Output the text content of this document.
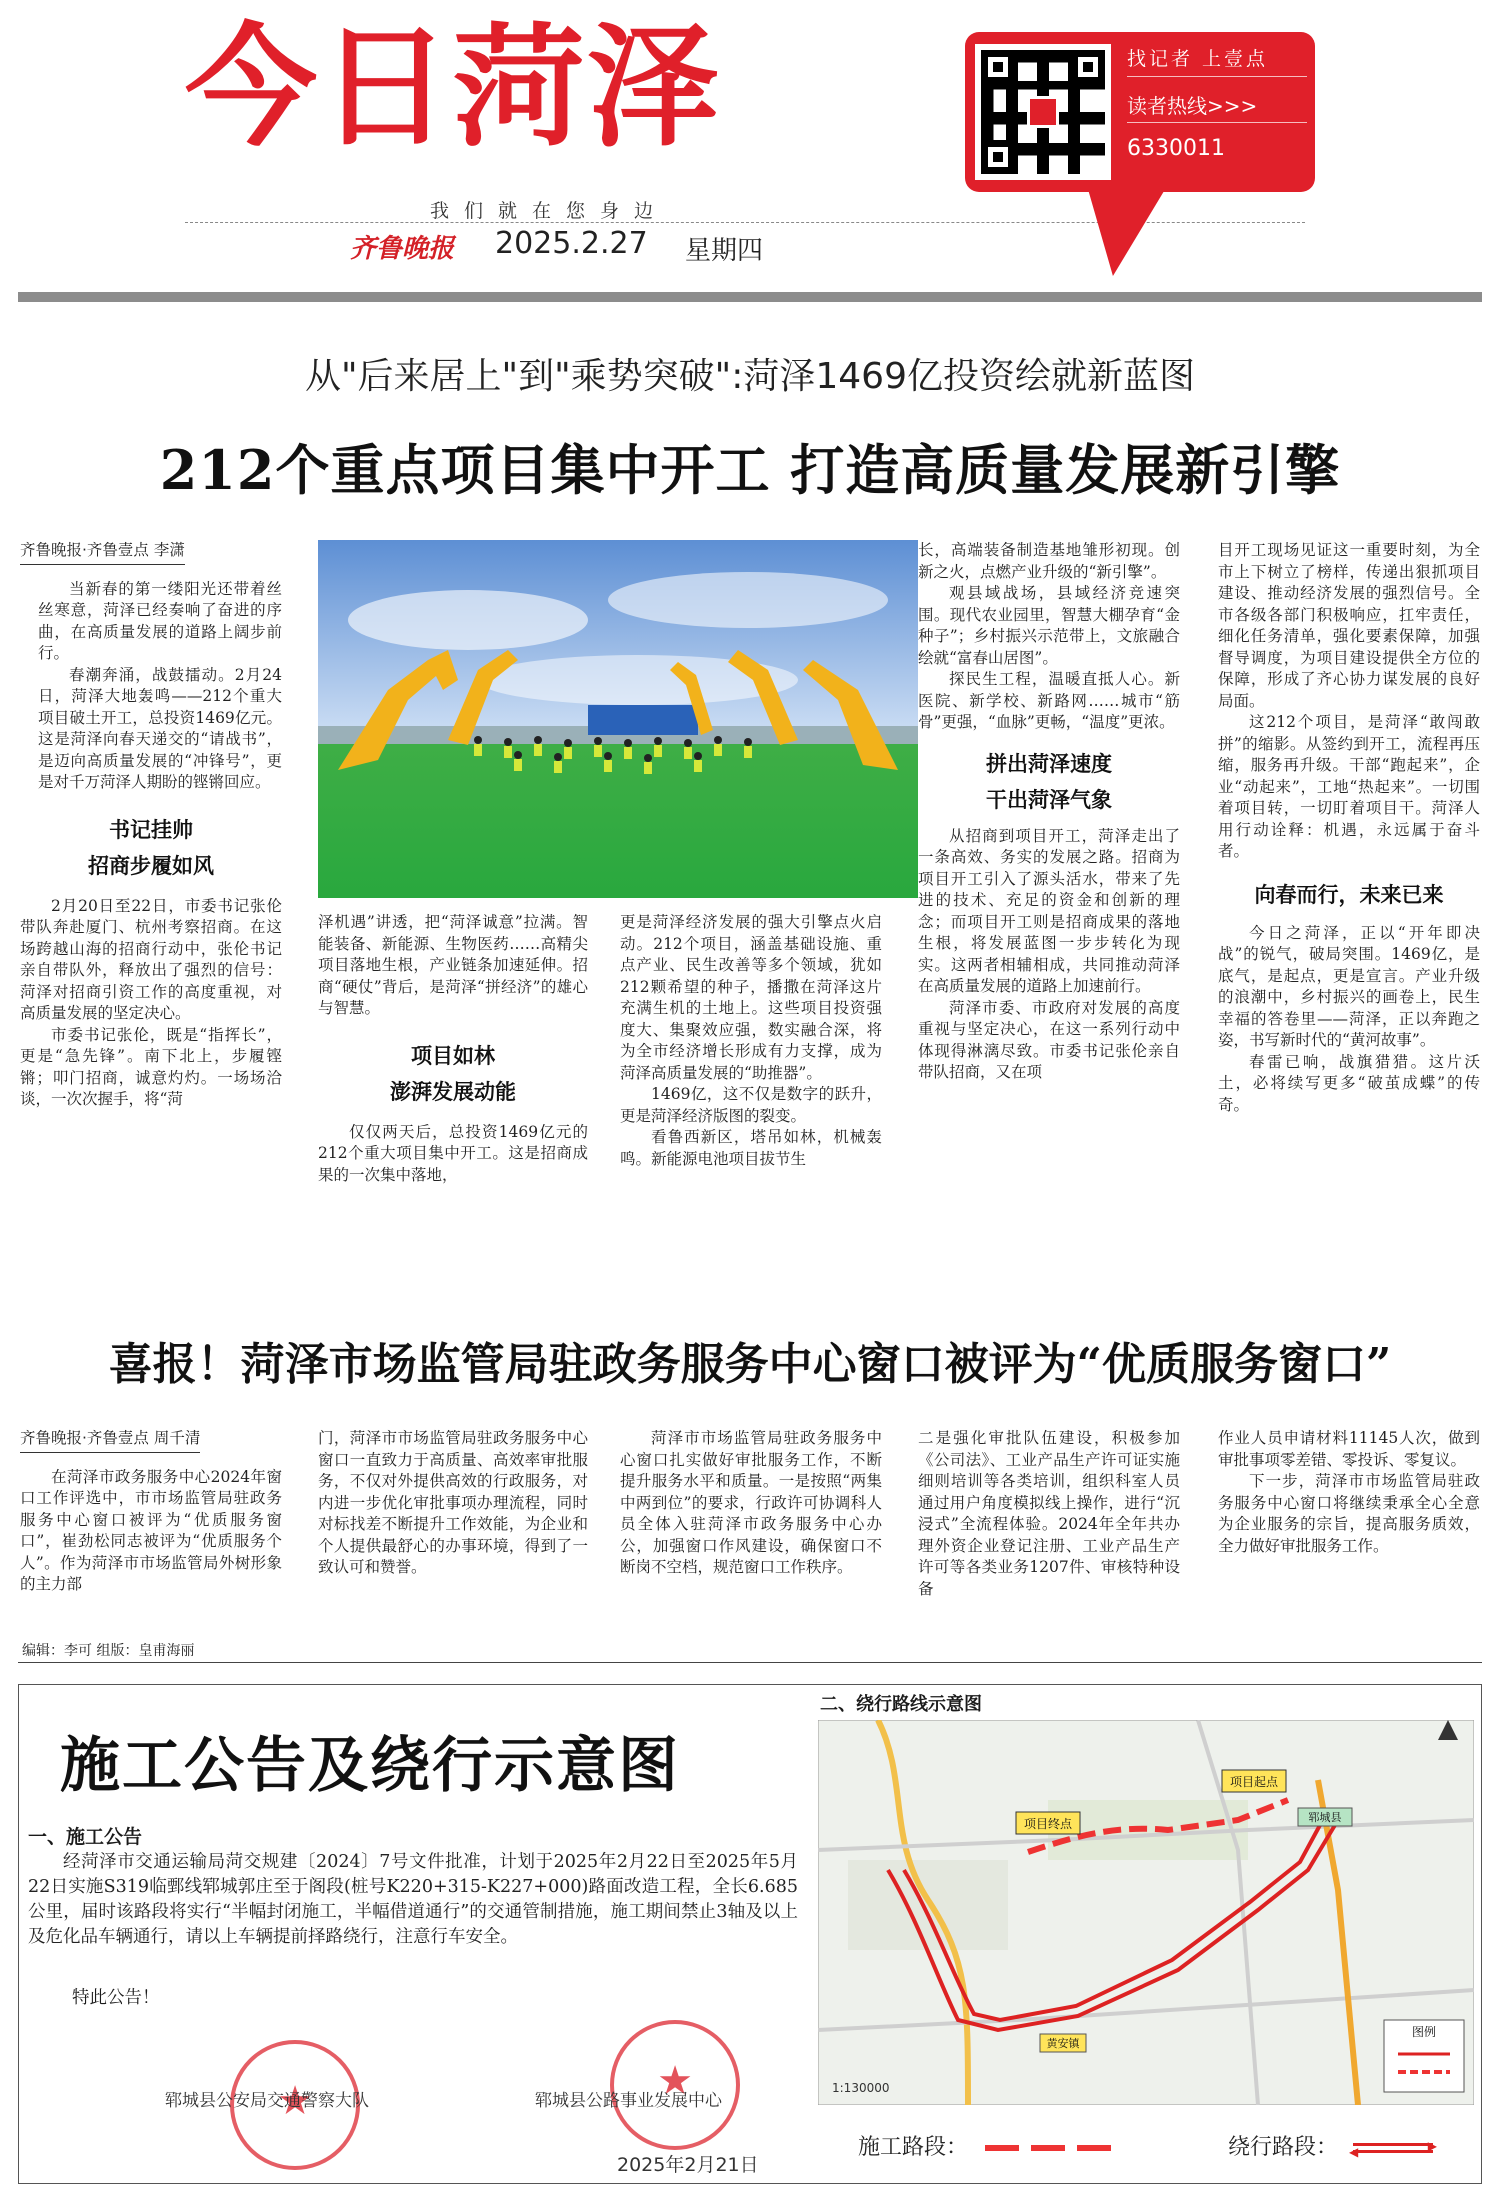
今日菏泽
我们就在您身边
齐鲁晚报 2025.2.27 星期四
找记者 上壹点
读者热线>>>
6330011
从"后来居上"到"乘势突破":菏泽1469亿投资绘就新蓝图
212个重点项目集中开工 打造高质量发展新引擎
齐鲁晚报·齐鲁壹点 李潇

当新春的第一缕阳光还带着丝丝寒意，菏泽已经奏响了奋进的序曲，在高质量发展的道路上阔步前行。

春潮奔涌，战鼓擂动。2月24日，菏泽大地轰鸣——212个重大项目破土开工，总投资1469亿元。这是菏泽向春天递交的“请战书”，是迈向高质量发展的“冲锋号”，更是对千万菏泽人期盼的铿锵回应。

书记挂帅
招商步履如风

2月20日至22日，市委书记张伦带队奔赴厦门、杭州考察招商。在这场跨越山海的招商行动中，张伦书记亲自带队外，释放出了强烈的信号：菏泽对招商引资工作的高度重视，对高质量发展的坚定决心。

市委书记张伦，既是“指挥长”，更是“急先锋”。南下北上，步履铿锵；叩门招商，诚意灼灼。一场场洽谈，一次次握手，将“菏

泽机遇”讲透，把“菏泽诚意”拉满。智能装备、新能源、生物医药……高精尖项目落地生根，产业链条加速延伸。招商“硬仗”背后，是菏泽“拼经济”的雄心与智慧。

项目如林
澎湃发展动能

仅仅两天后，总投资1469亿元的212个重大项目集中开工。这是招商成果的一次集中落地，

更是菏泽经济发展的强大引擎点火启动。212个项目，涵盖基础设施、重点产业、民生改善等多个领域，犹如212颗希望的种子，播撒在菏泽这片充满生机的土地上。这些项目投资强度大、集聚效应强，数实融合深，将为全市经济增长形成有力支撑，成为菏泽高质量发展的“助推器”。

1469亿，这不仅是数字的跃升，更是菏泽经济版图的裂变。

看鲁西新区，塔吊如林，机械轰鸣。新能源电池项目拔节生

长，高端装备制造基地雏形初现。创新之火，点燃产业升级的“新引擎”。

观县域战场，县域经济竞速突围。现代农业园里，智慧大棚孕育“金种子”；乡村振兴示范带上，文旅融合绘就“富春山居图”。

探民生工程，温暖直抵人心。新医院、新学校、新路网……城市“筋骨”更强，“血脉”更畅，“温度”更浓。

拼出菏泽速度
干出菏泽气象

从招商到项目开工，菏泽走出了一条高效、务实的发展之路。招商为项目开工引入了源头活水，带来了先进的技术、充足的资金和创新的理念；而项目开工则是招商成果的落地生根，将发展蓝图一步步转化为现实。这两者相辅相成，共同推动菏泽在高质量发展的道路上加速前行。

菏泽市委、市政府对发展的高度重视与坚定决心，在这一系列行动中体现得淋漓尽致。市委书记张伦亲自带队招商，又在项

目开工现场见证这一重要时刻，为全市上下树立了榜样，传递出狠抓项目建设、推动经济发展的强烈信号。全市各级各部门积极响应，扛牢责任，细化任务清单，强化要素保障，加强督导调度，为项目建设提供全方位的保障，形成了齐心协力谋发展的良好局面。

这212个项目，是菏泽“敢闯敢拼”的缩影。从签约到开工，流程再压缩，服务再升级。干部“跑起来”，企业“动起来”，工地“热起来”。一切围着项目转，一切盯着项目干。菏泽人用行动诠释：机遇，永远属于奋斗者。

向春而行，未来已来

今日之菏泽，正以“开年即决战”的锐气，破局突围。1469亿，是底气，是起点，更是宣言。产业升级的浪潮中，乡村振兴的画卷上，民生幸福的答卷里——菏泽，正以奔跑之姿，书写新时代的“黄河故事”。

春雷已响，战旗猎猎。这片沃土，必将续写更多“破茧成蝶”的传奇。

喜报！菏泽市场监管局驻政务服务中心窗口被评为“优质服务窗口”
齐鲁晚报·齐鲁壹点 周千清

在菏泽市政务服务中心2024年窗口工作评选中，市市场监管局驻政务服务中心窗口被评为“优质服务窗口”，崔劲松同志被评为“优质服务个人”。作为菏泽市市场监管局外树形象的主力部

门，菏泽市市场监管局驻政务服务中心窗口一直致力于高质量、高效率审批服务，不仅对外提供高效的行政服务，对内进一步优化审批事项办理流程，同时对标找差不断提升工作效能，为企业和个人提供最舒心的办事环境，得到了一致认可和赞誉。

菏泽市市场监管局驻政务服务中心窗口扎实做好审批服务工作，不断提升服务水平和质量。一是按照“两集中两到位”的要求，行政许可协调科人员全体入驻菏泽市政务服务中心办公，加强窗口作风建设，确保窗口不断岗不空档，规范窗口工作秩序。

二是强化审批队伍建设，积极参加《公司法》、工业产品生产许可证实施细则培训等各类培训，组织科室人员通过用户角度模拟线上操作，进行“沉浸式”全流程体验。2024年全年共办理外资企业登记注册、工业产品生产许可等各类业务1207件、审核特种设备

作业人员申请材料11145人次，做到审批事项零差错、零投诉、零复议。

下一步，菏泽市市场监管局驻政务服务中心窗口将继续秉承全心全意为企业服务的宗旨，提高服务质效，全力做好审批服务工作。

编辑：李可 组版：皇甫海丽
施工公告及绕行示意图
一、施工公告

经菏泽市交通运输局菏交规建〔2024〕7号文件批准，计划于2025年2月22日至2025年5月22日实施S319临鄄线郓城郭庄至于阁段(桩号K220+315-K227+000)路面改造工程，全长6.685公里，届时该路段将实行“半幅封闭施工，半幅借道通行”的交通管制措施，施工期间禁止3轴及以上及危化品车辆通行，请以上车辆提前择路绕行，注意行车安全。

特此公告！
★
★
郓城县公安局交通警察大队	郓城县公路事业发展中心
2025年2月21日
二、绕行路线示意图
项目终点
项目起点
郓城县
黄安镇
1:130000
图例
施工路段：	绕行路段：	▶
◀
